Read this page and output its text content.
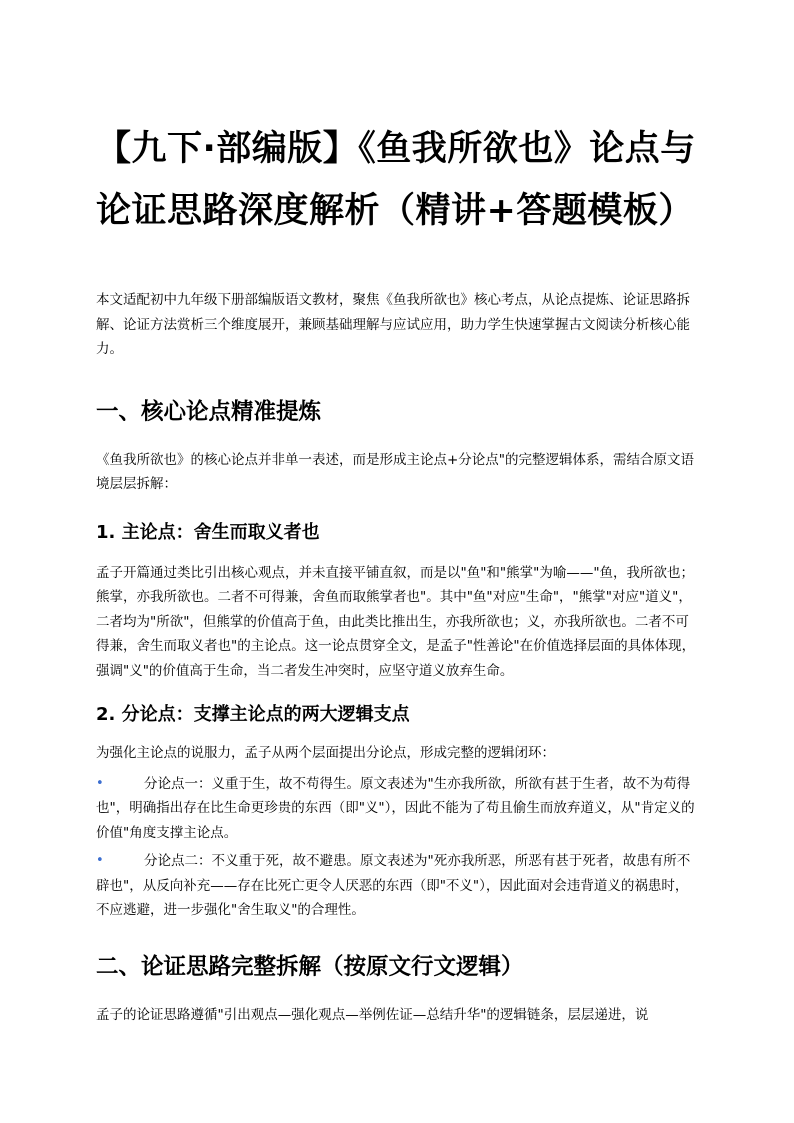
【九下·部编版】《鱼我所欲也》论点与
论证思路深度解析（精讲+答题模板）

本文适配初中九年级下册部编版语文教材，聚焦《鱼我所欲也》核心考点，从论点提炼、论证思路拆解、论证方法赏析三个维度展开，兼顾基础理解与应试应用，助力学生快速掌握古文阅读分析核心能力。

一、核心论点精准提炼

《鱼我所欲也》的核心论点并非单一表述，而是形成主论点+分论点"的完整逻辑体系，需结合原文语境层层拆解：

1. 主论点：舍生而取义者也

孟子开篇通过类比引出核心观点，并未直接平铺直叙，而是以"鱼"和"熊掌"为喻——"鱼，我所欲也；熊掌，亦我所欲也。二者不可得兼，舍鱼而取熊掌者也"。其中"鱼"对应"生命"，"熊掌"对应"道义"，二者均为"所欲"，但熊掌的价值高于鱼，由此类比推出生，亦我所欲也；义，亦我所欲也。二者不可得兼，舍生而取义者也"的主论点。这一论点贯穿全文，是孟子"性善论"在价值选择层面的具体体现，强调"义"的价值高于生命，当二者发生冲突时，应坚守道义放弃生命。

2. 分论点：支撑主论点的两大逻辑支点

为强化主论点的说服力，孟子从两个层面提出分论点，形成完整的逻辑闭环：

•	分论点一：义重于生，故不苟得生。原文表述为"生亦我所欲，所欲有甚于生者，故不为苟得也"，明确指出存在比生命更珍贵的东西（即"义"），因此不能为了苟且偷生而放弃道义，从"肯定义的价值"角度支撑主论点。
•	分论点二：不义重于死，故不避患。原文表述为"死亦我所恶，所恶有甚于死者，故患有所不辟也"，从反向补充——存在比死亡更令人厌恶的东西（即"不义"），因此面对会违背道义的祸患时，不应逃避，进一步强化"舍生取义"的合理性。
二、论证思路完整拆解（按原文行文逻辑）

孟子的论证思路遵循"引出观点—强化观点—举例佐证—总结升华"的逻辑链条，层层递进，说
